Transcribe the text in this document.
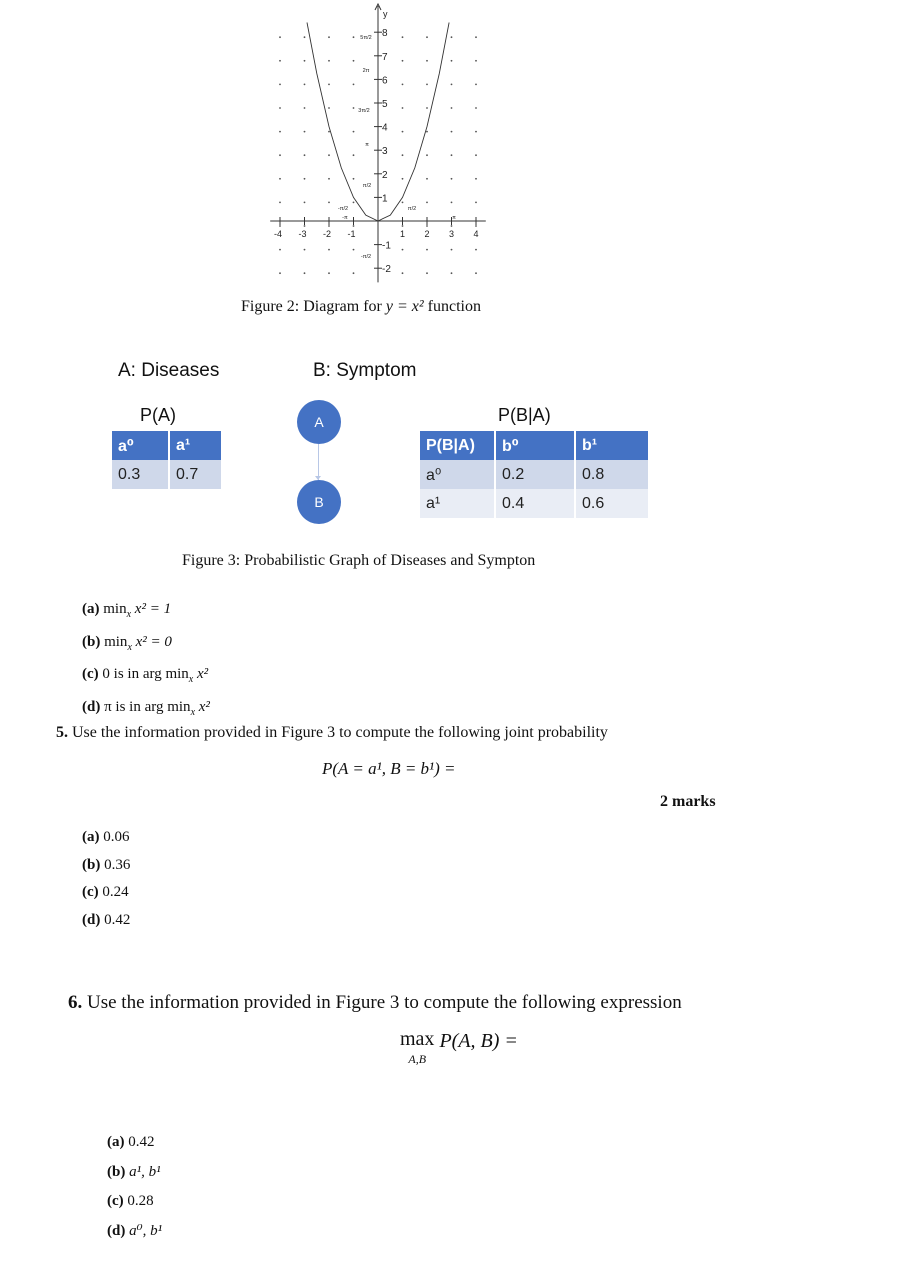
-4 -3 -2 -1	1 2 3 4
8
7
6
5
4
3
2
1
-1
-2
y
5π/2
2π
3π/2
π
π/2
-π
-π/2	π/2
π
-π/2
Figure 2: Diagram for y = x² function
A: Diseases	B: Symptom
P(A)
a⁰	a¹
0.3	0.7
A
B
P(B|A)
P(B|A)	b⁰	b¹
a⁰	0.2	0.8
a¹	0.4	0.6
Figure 3: Probabilistic Graph of Diseases and Sympton
(a) $\min_x x^2 = 1$
(b) $\min_x x^2 = 0$
(c) 0 is in arg $\min_x x^2$
(d) π is in arg $\min_x x^2$
5. Use the information provided in Figure 3 to compute the following joint probability
P(A = a¹, B = b¹) =
2 marks
(a) 0.06
(b) 0.36
(c) 0.24
(d) 0.42
6. Use the information provided in Figure 3 to compute the following expression
max
A,B P(A, B) =
(a) 0.42
(b) a¹, b¹
(c) 0.28
(d) a⁰, b¹
